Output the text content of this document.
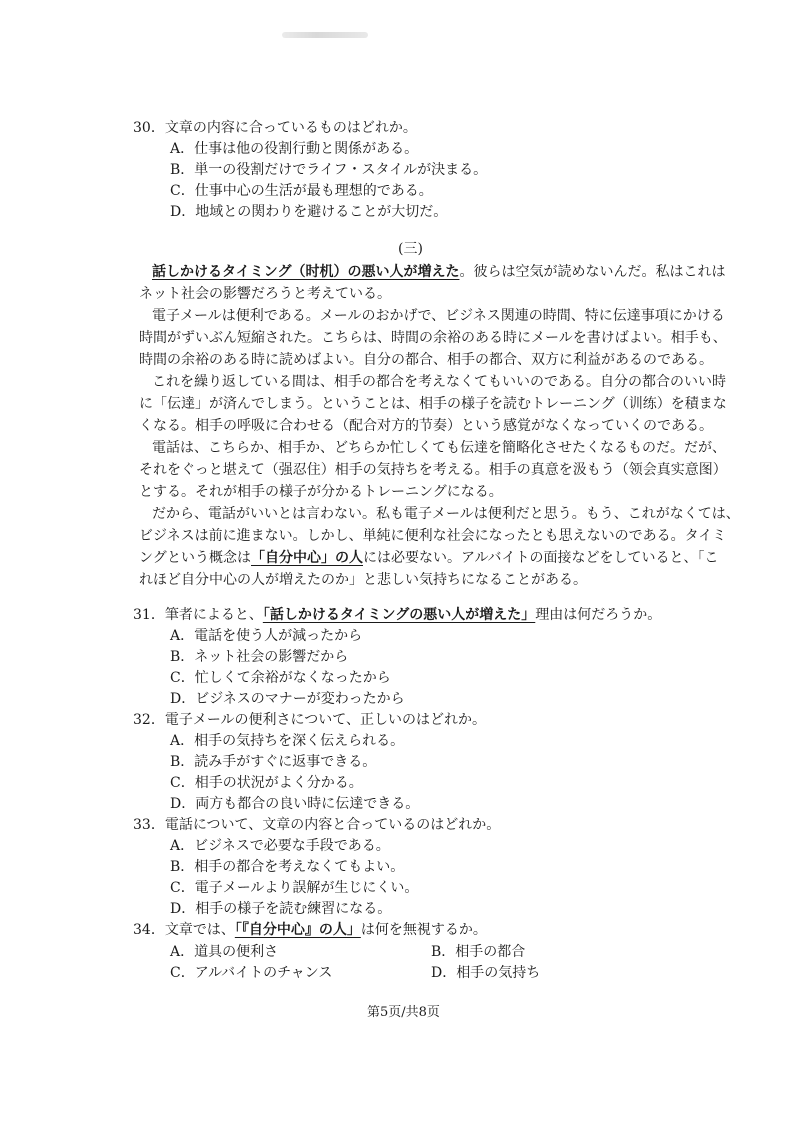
30．文章の内容に合っているものはどれか。
A．仕事は他の役割行動と関係がある。
B．単一の役割だけでライフ・スタイルが決まる。
C．仕事中心の生活が最も理想的である。
D．地域との関わりを避けることが大切だ。
(三)
話しかけるタイミング（时机）の悪い人が増えた。彼らは空気が読めないんだ。私はこれは
ネット社会の影響だろうと考えている。
電子メールは便利である。メールのおかげで、ビジネス関連の時間、特に伝達事項にかける
時間がずいぶん短縮された。こちらは、時間の余裕のある時にメールを書けばよい。相手も、
時間の余裕のある時に読めばよい。自分の都合、相手の都合、双方に利益があるのである。
これを繰り返している間は、相手の都合を考えなくてもいいのである。自分の都合のいい時
に「伝達」が済んでしまう。ということは、相手の様子を読むトレーニング（训练）を積まな
くなる。相手の呼吸に合わせる（配合对方的节奏）という感覚がなくなっていくのである。
電話は、こちらか、相手か、どちらか忙しくても伝達を簡略化させたくなるものだ。だが、
それをぐっと堪えて（强忍住）相手の気持ちを考える。相手の真意を汲もう（领会真实意图）
とする。それが相手の様子が分かるトレーニングになる。
だから、電話がいいとは言わない。私も電子メールは便利だと思う。もう、これがなくては、
ビジネスは前に進まない。しかし、単純に便利な社会になったとも思えないのである。タイミ
ングという概念は「自分中心」の人には必要ない。アルバイトの面接などをしていると、「こ
れほど自分中心の人が増えたのか」と悲しい気持ちになることがある。
31．筆者によると、「話しかけるタイミングの悪い人が増えた」理由は何だろうか。
A．電話を使う人が減ったから
B．ネット社会の影響だから
C．忙しくて余裕がなくなったから
D．ビジネスのマナーが変わったから
32．電子メールの便利さについて、正しいのはどれか。
A．相手の気持ちを深く伝えられる。
B．読み手がすぐに返事できる。
C．相手の状況がよく分かる。
D．両方も都合の良い時に伝達できる。
33．電話について、文章の内容と合っているのはどれか。
A．ビジネスで必要な手段である。
B．相手の都合を考えなくてもよい。
C．電子メールより誤解が生じにくい。
D．相手の様子を読む練習になる。
34．文章では、「『自分中心』の人」は何を無視するか。
A．道具の便利さ	B．相手の都合
C．アルバイトのチャンス	D．相手の気持ち
第5页/共8页
